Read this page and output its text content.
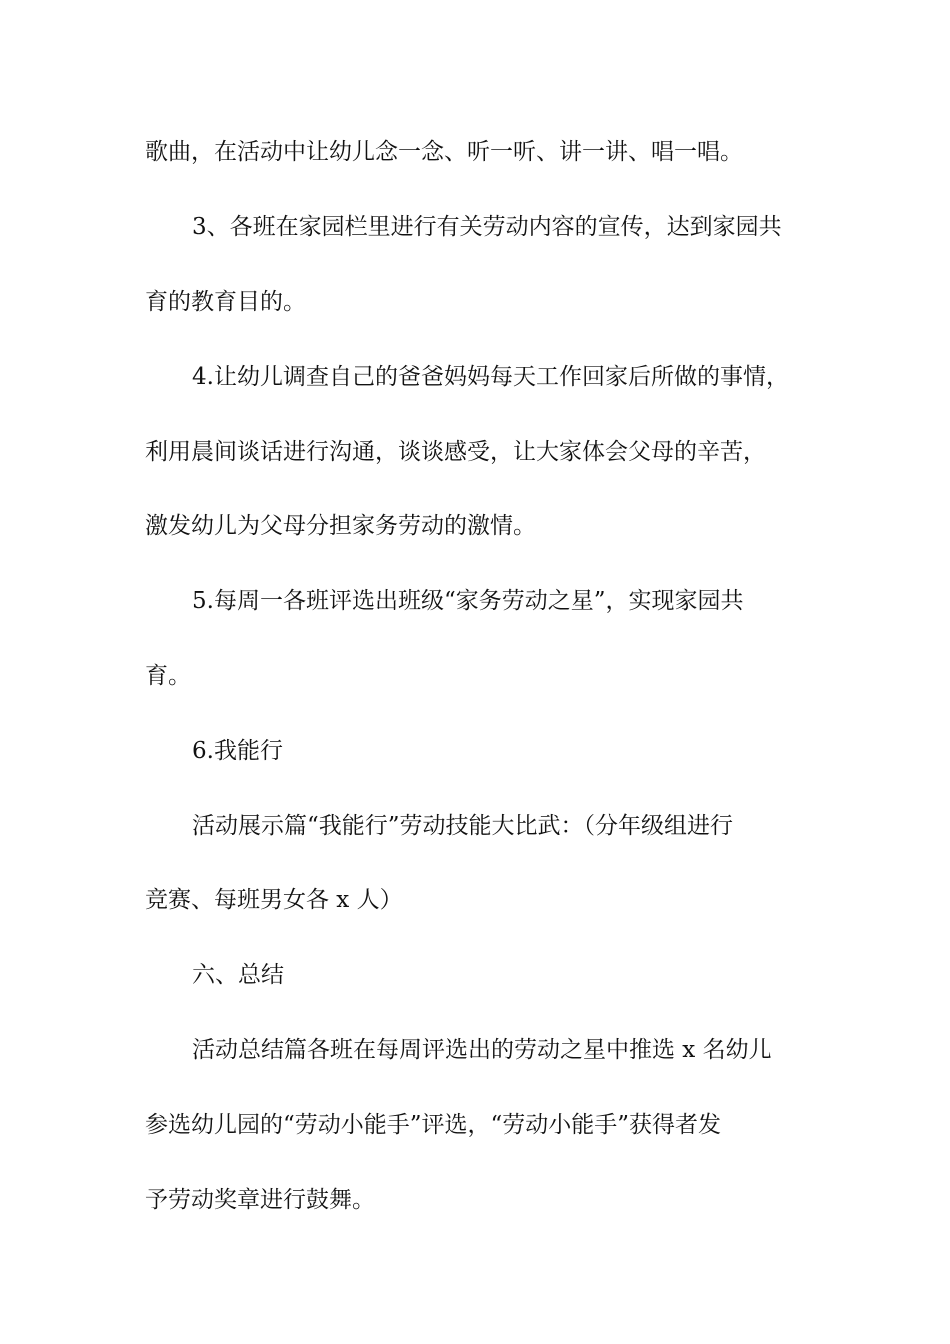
歌曲，在活动中让幼儿念一念、听一听、讲一讲、唱一唱。
3、各班在家园栏里进行有关劳动内容的宣传，达到家园共
育的教育目的。
4.让幼儿调查自己的爸爸妈妈每天工作回家后所做的事情，
利用晨间谈话进行沟通，谈谈感受，让大家体会父母的辛苦，
激发幼儿为父母分担家务劳动的激情。
5.每周一各班评选出班级“家务劳动之星”，实现家园共
育。
6.我能行
活动展示篇“我能行”劳动技能大比武：（分年级组进行
竞赛、每班男女各 x 人）
六、总结
活动总结篇各班在每周评选出的劳动之星中推选 x 名幼儿
参选幼儿园的“劳动小能手”评选，“劳动小能手”获得者发
予劳动奖章进行鼓舞。
